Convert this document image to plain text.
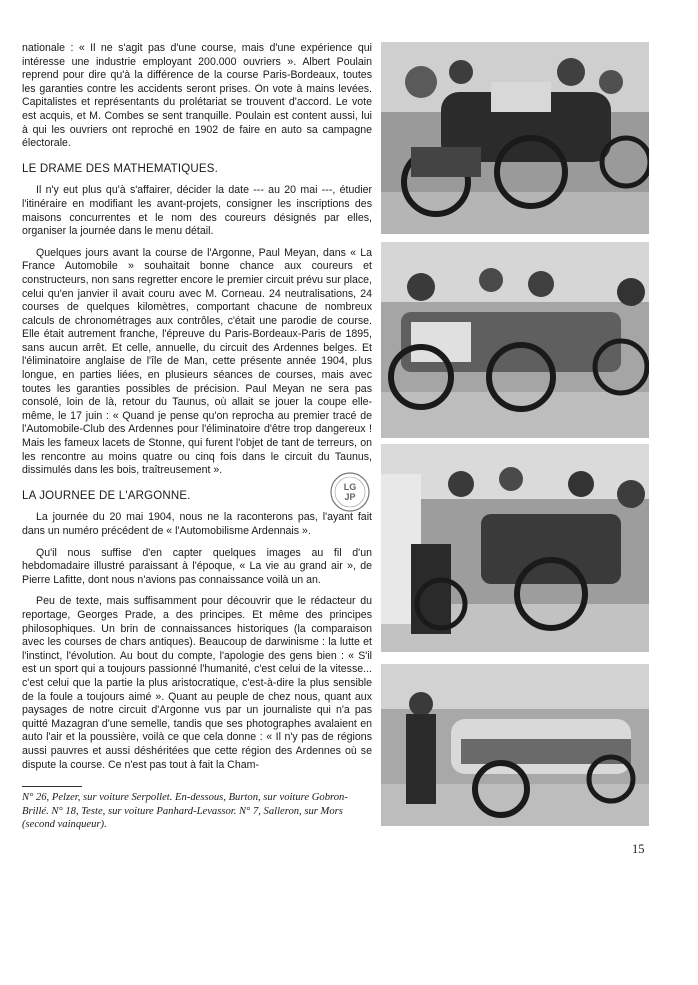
nationale : « Il ne s'agit pas d'une course, mais d'une expérience qui intéresse une industrie employant 200.000 ouvriers ». Albert Poulain reprend pour dire qu'à la différence de la course Paris-Bordeaux, toutes les garanties contre les accidents seront prises. On vote à mains levées. Capitalistes et représentants du prolétariat se trouvent d'accord. Le vote est acquis, et M. Combes se sent tranquille. Poulain est content aussi, lui à qui les ouvriers ont reproché en 1902 de faire en auto sa campagne électorale.

LE DRAME DES MATHEMATIQUES.

Il n'y eut plus qu'à s'affairer, décider la date --- au 20 mai ---, étudier l'itinéraire en modifiant les avant-projets, consigner les inscriptions des maisons concurrentes et le nom des coureurs désignés par elles, organiser la journée dans le menu détail.

Quelques jours avant la course de l'Argonne, Paul Meyan, dans « La France Automobile » souhaitait bonne chance aux coureurs et constructeurs, non sans regretter encore le premier circuit prévu sur place, celui qu'en janvier il avait couru avec M. Corneau. 24 neutralisations, 24 courses de quelques kilomètres, comportant chacune de nombreux calculs de chronométrages aux contrôles, c'était une parodie de course. Elle était autrement franche, l'épreuve du Paris-Bordeaux-Paris de 1895, sans aucun arrêt. Et celle, annuelle, du circuit des Ardennes belges. Et l'éliminatoire anglaise de l'île de Man, cette présente année 1904, plus longue, en parties liées, en plusieurs séances de courses, mais avec toutes les garanties possibles de précision. Paul Meyan ne sera pas consolé, loin de là, retour du Taunus, où allait se jouer la coupe elle-même, le 17 juin : « Quand je pense qu'on reprocha au premier tracé de l'Automobile-Club des Ardennes pour l'éliminatoire d'être trop dangereux ! Mais les fameux lacets de Stonne, qui furent l'objet de tant de terreurs, on les rencontre au moins quatre ou cinq fois dans le circuit du Taunus, dissimulés dans les bois, traîtreusement ».

LA JOURNEE DE L'ARGONNE.

La journée du 20 mai 1904, nous ne la raconterons pas, l'ayant fait dans un numéro précédent de « l'Automobilisme Ardennais ».

Qu'il nous suffise d'en capter quelques images au fil d'un hebdomadaire illustré paraissant à l'époque, « La vie au grand air », de Pierre Lafitte, dont nous n'avions pas connaissance voilà un an.

Peu de texte, mais suffisamment pour découvrir que le rédacteur du reportage, Georges Prade, a des principes. Et même des principes philosophiques. Un brin de connaissances historiques (la comparaison avec les courses de chars antiques). Beaucoup de darwinisme : la lutte et l'instinct, l'évolution. Au bout du compte, l'apologie des gens bien : « S'il est un sport qui a toujours passionné l'humanité, c'est celui de la vitesse... c'est celui que la partie la plus aristocratique, c'est-à-dire la plus sensible de la foule a toujours aimé ». Quant au peuple de chez nous, quant aux paysages de notre circuit d'Argonne vus par un journaliste qui n'a pas quitté Mazagran d'une semelle, tandis que ses photographes avalaient en auto l'air et la poussière, voilà ce que cela donne : « Il n'y pas de régions aussi pauvres et aussi déshéritées que cette région des Ardennes où se dispute la course. Ce n'est pas tout à fait la Cham-

N° 26, Pelzer, sur voiture Serpollet. En-dessous, Burton, sur voiture Gobron-Brillé. N° 18, Teste, sur voiture Panhard-Levassor. N° 7, Salleron, sur Mors (second vainqueur).
LG
JP
15
